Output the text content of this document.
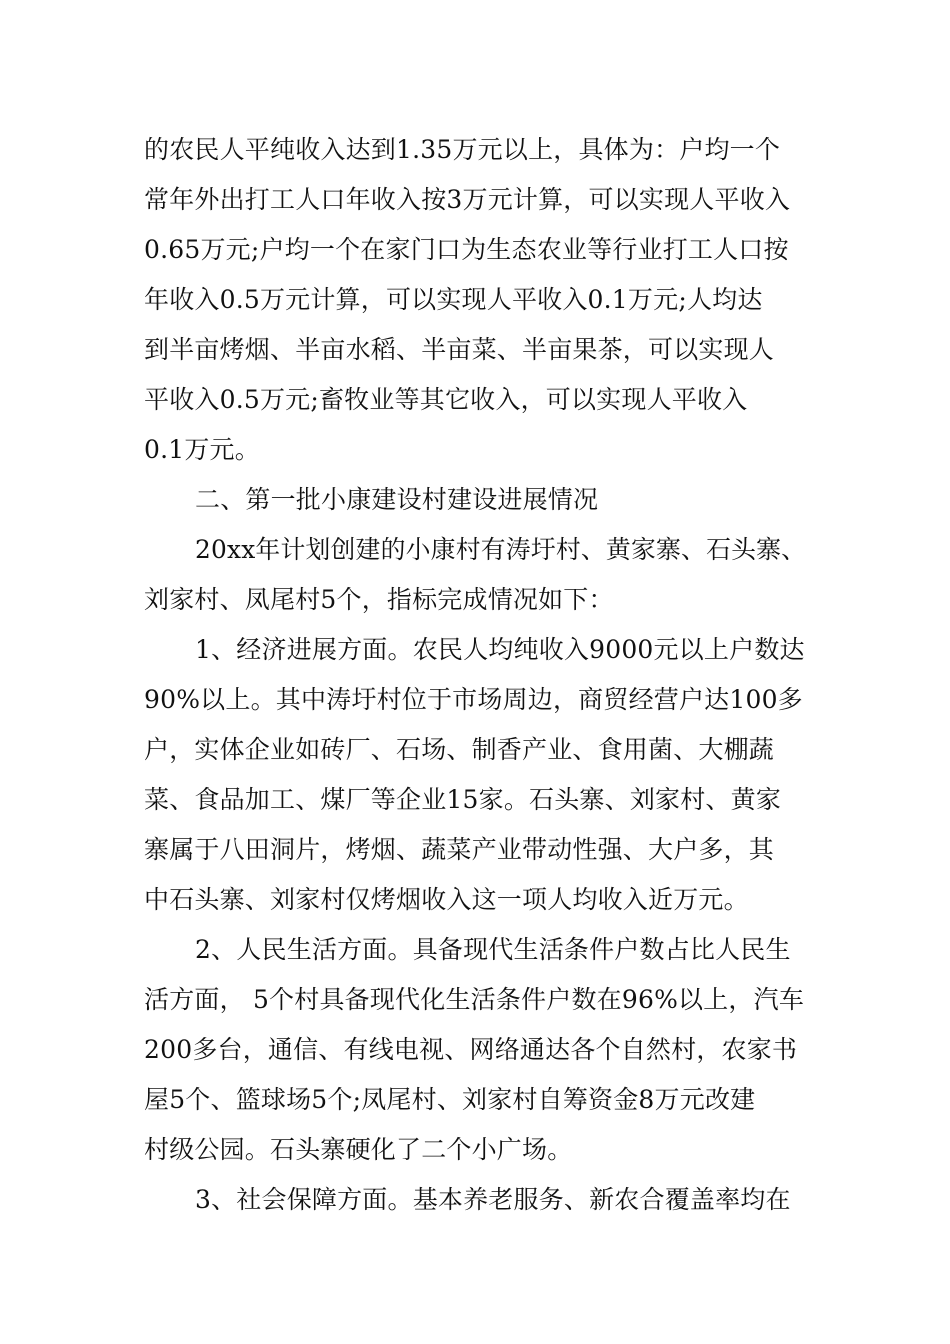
的农民人平纯收入达到1.35万元以上，具体为：户均一个
常年外出打工人口年收入按3万元计算，可以实现人平收入
0.65万元;户均一个在家门口为生态农业等行业打工人口按
年收入0.5万元计算，可以实现人平收入0.1万元;人均达
到半亩烤烟、半亩水稻、半亩菜、半亩果茶，可以实现人
平收入0.5万元;畜牧业等其它收入，可以实现人平收入
0.1万元。
二、第一批小康建设村建设进展情况
20xx年计划创建的小康村有涛圩村、黄家寨、石头寨、
刘家村、凤尾村5个，指标完成情况如下：
1、经济进展方面。农民人均纯收入9000元以上户数达
90%以上。其中涛圩村位于市场周边，商贸经营户达100多
户，实体企业如砖厂、石场、制香产业、食用菌、大棚蔬
菜、食品加工、煤厂等企业15家。石头寨、刘家村、黄家
寨属于八田洞片，烤烟、蔬菜产业带动性强、大户多，其
中石头寨、刘家村仅烤烟收入这一项人均收入近万元。
2、人民生活方面。具备现代生活条件户数占比人民生
活方面， 5个村具备现代化生活条件户数在96%以上，汽车
200多台，通信、有线电视、网络通达各个自然村，农家书
屋5个、篮球场5个;凤尾村、刘家村自筹资金8万元改建
村级公园。石头寨硬化了二个小广场。
3、社会保障方面。基本养老服务、新农合覆盖率均在
